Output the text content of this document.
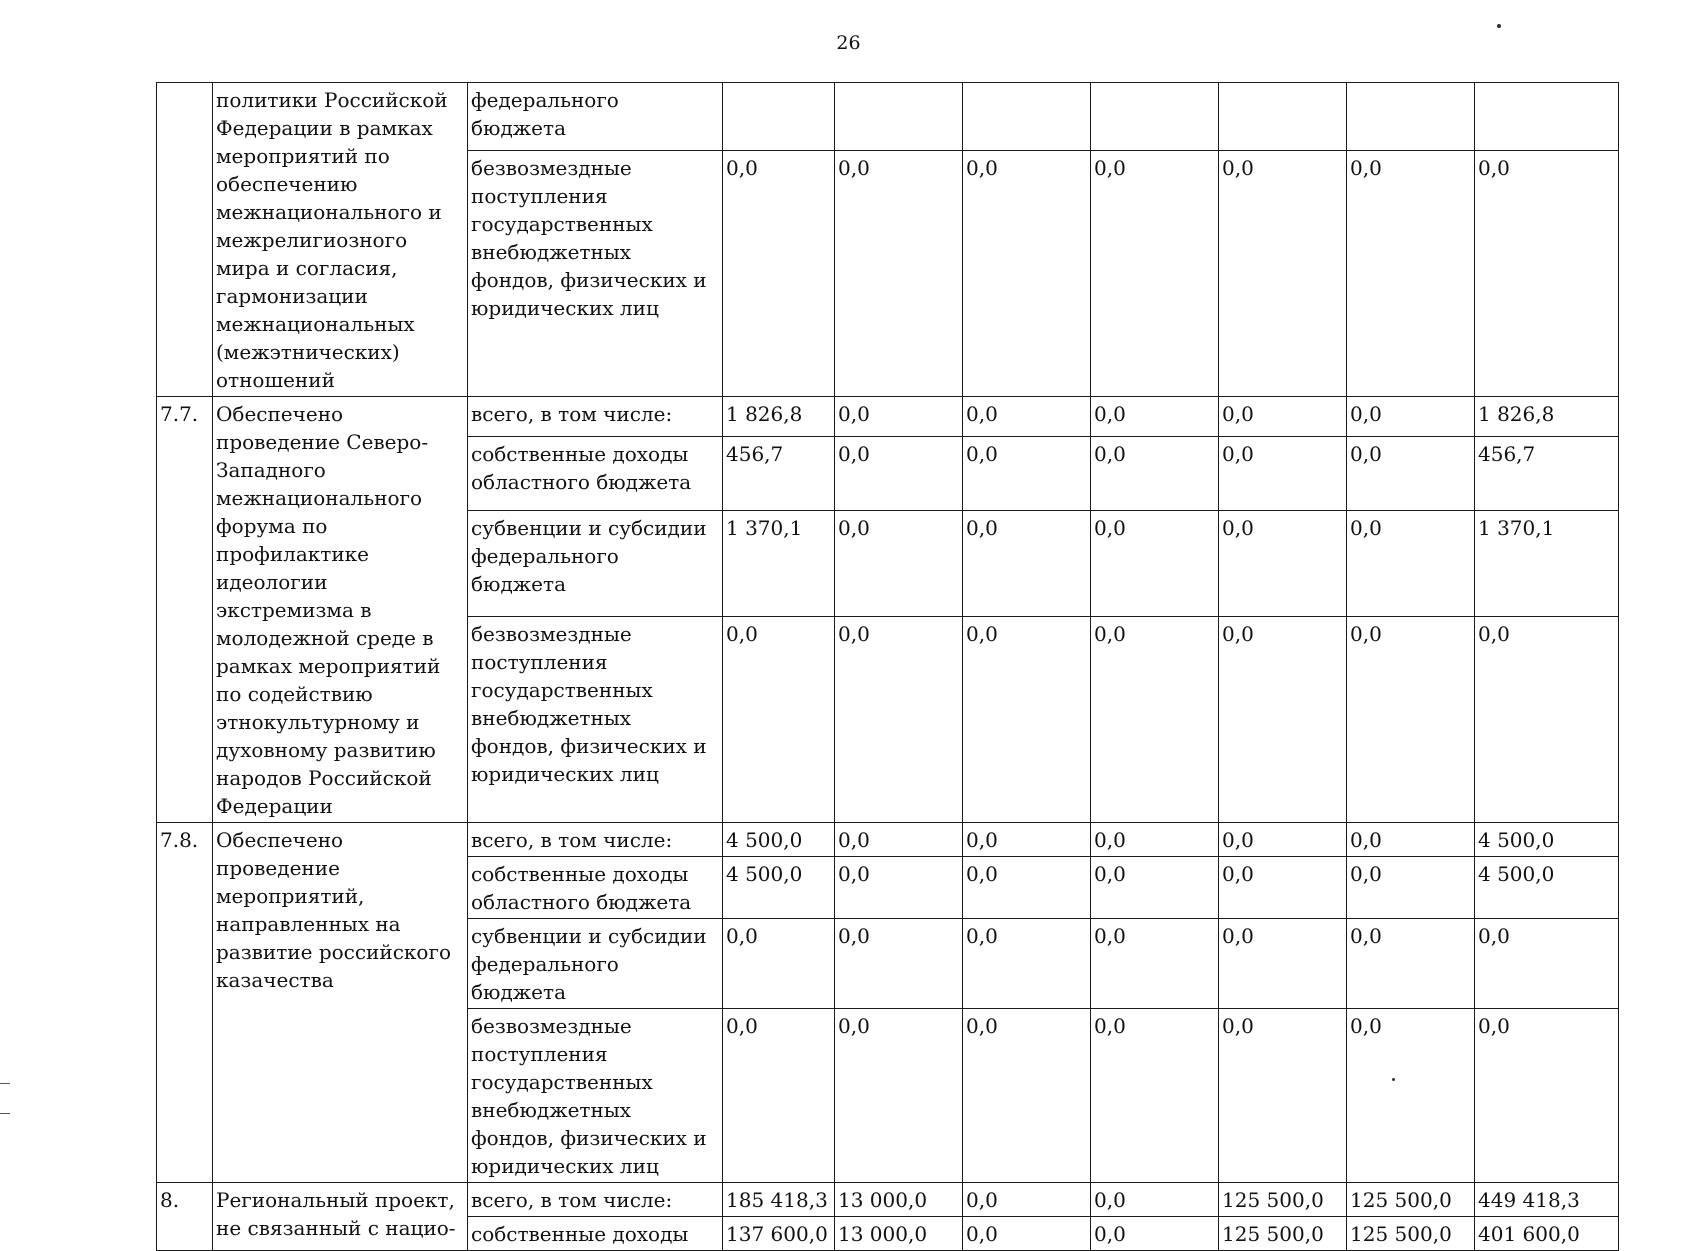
26
	политики Российской Федерации в рамках мероприятий по обеспечению межнационального и межрелигиозного мира и согласия, гармонизации межнациональных (межэтнических) отношений	федерального бюджета							
		безвозмездные поступления государственных внебюджетных фондов, физических и юридических лиц	0,0	0,0	0,0	0,0	0,0	0,0	0,0
7.7.	Обеспечено проведение Северо-Западного межнационального форума по профилактике идеологии экстремизма в молодежной среде в рамках мероприятий по содействию этнокультурному и духовному развитию народов Российской Федерации	всего, в том числе:	1 826,8	0,0	0,0	0,0	0,0	0,0	1 826,8
		собственные доходы областного бюджета	456,7	0,0	0,0	0,0	0,0	0,0	456,7
		субвенции и субсидии федерального бюджета	1 370,1	0,0	0,0	0,0	0,0	0,0	1 370,1
		безвозмездные поступления государственных внебюджетных фондов, физических и юридических лиц	0,0	0,0	0,0	0,0	0,0	0,0	0,0
7.8.	Обеспечено проведение мероприятий, направленных на развитие российского казачества	всего, в том числе:	4 500,0	0,0	0,0	0,0	0,0	0,0	4 500,0
		собственные доходы областного бюджета	4 500,0	0,0	0,0	0,0	0,0	0,0	4 500,0
		субвенции и субсидии федерального бюджета	0,0	0,0	0,0	0,0	0,0	0,0	0,0
		безвозмездные поступления государственных внебюджетных фондов, физических и юридических лиц	0,0	0,0	0,0	0,0	0,0	0,0	0,0
8.	Региональный проект, не связанный с нацио-	всего, в том числе:	185 418,3	13 000,0	0,0	0,0	125 500,0	125 500,0	449 418,3
		собственные доходы	137 600,0	13 000,0	0,0	0,0	125 500,0	125 500,0	401 600,0
